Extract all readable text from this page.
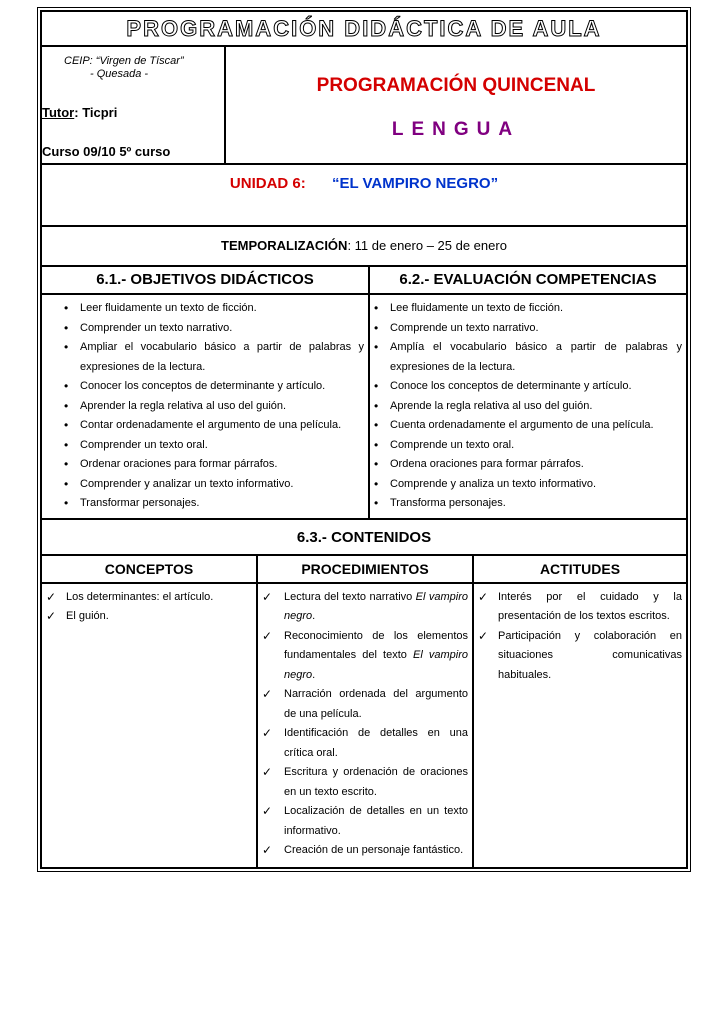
PROGRAMACIÓN DIDÁCTICA DE AULA
CEIP: “Virgen de Tíscar”
- Quesada -
Tutor: Ticpri
Curso 09/10 5º curso
PROGRAMACIÓN QUINCENAL
LENGUA
UNIDAD 6: “EL VAMPIRO NEGRO”
TEMPORALIZACIÓN: 11 de enero – 25 de enero
6.1.- OBJETIVOS DIDÁCTICOS
• Leer fluidamente un texto de ficción.
• Comprender un texto narrativo.
• Ampliar el vocabulario básico a partir de palabras y expresiones de la lectura.
• Conocer los conceptos de determinante y artículo.
• Aprender la regla relativa al uso del guión.
• Contar ordenadamente el argumento de una película.
• Comprender un texto oral.
• Ordenar oraciones para formar párrafos.
• Comprender y analizar un texto informativo.
• Transformar personajes.
6.2.- EVALUACIÓN COMPETENCIAS
• Lee fluidamente un texto de ficción.
• Comprende un texto narrativo.
• Amplía el vocabulario básico a partir de palabras y expresiones de la lectura.
• Conoce los conceptos de determinante y artículo.
• Aprende la regla relativa al uso del guión.
• Cuenta ordenadamente el argumento de una película.
• Comprende un texto oral.
• Ordena oraciones para formar párrafos.
• Comprende y analiza un texto informativo.
• Transforma personajes.
6.3.- CONTENIDOS
CONCEPTOS
✓ Los determinantes: el artículo.
✓ El guión.
PROCEDIMIENTOS
✓ Lectura del texto narrativo El vampiro negro.
✓ Reconocimiento de los elementos fundamentales del texto El vampiro negro.
✓ Narración ordenada del argumento de una película.
✓ Identificación de detalles en una crítica oral.
✓ Escritura y ordenación de oraciones en un texto escrito.
✓ Localización de detalles en un texto informativo.
✓ Creación de un personaje fantástico.
ACTITUDES
✓ Interés por el cuidado y la presentación de los textos escritos.
✓ Participación y colaboración en situaciones comunicativas habituales.
